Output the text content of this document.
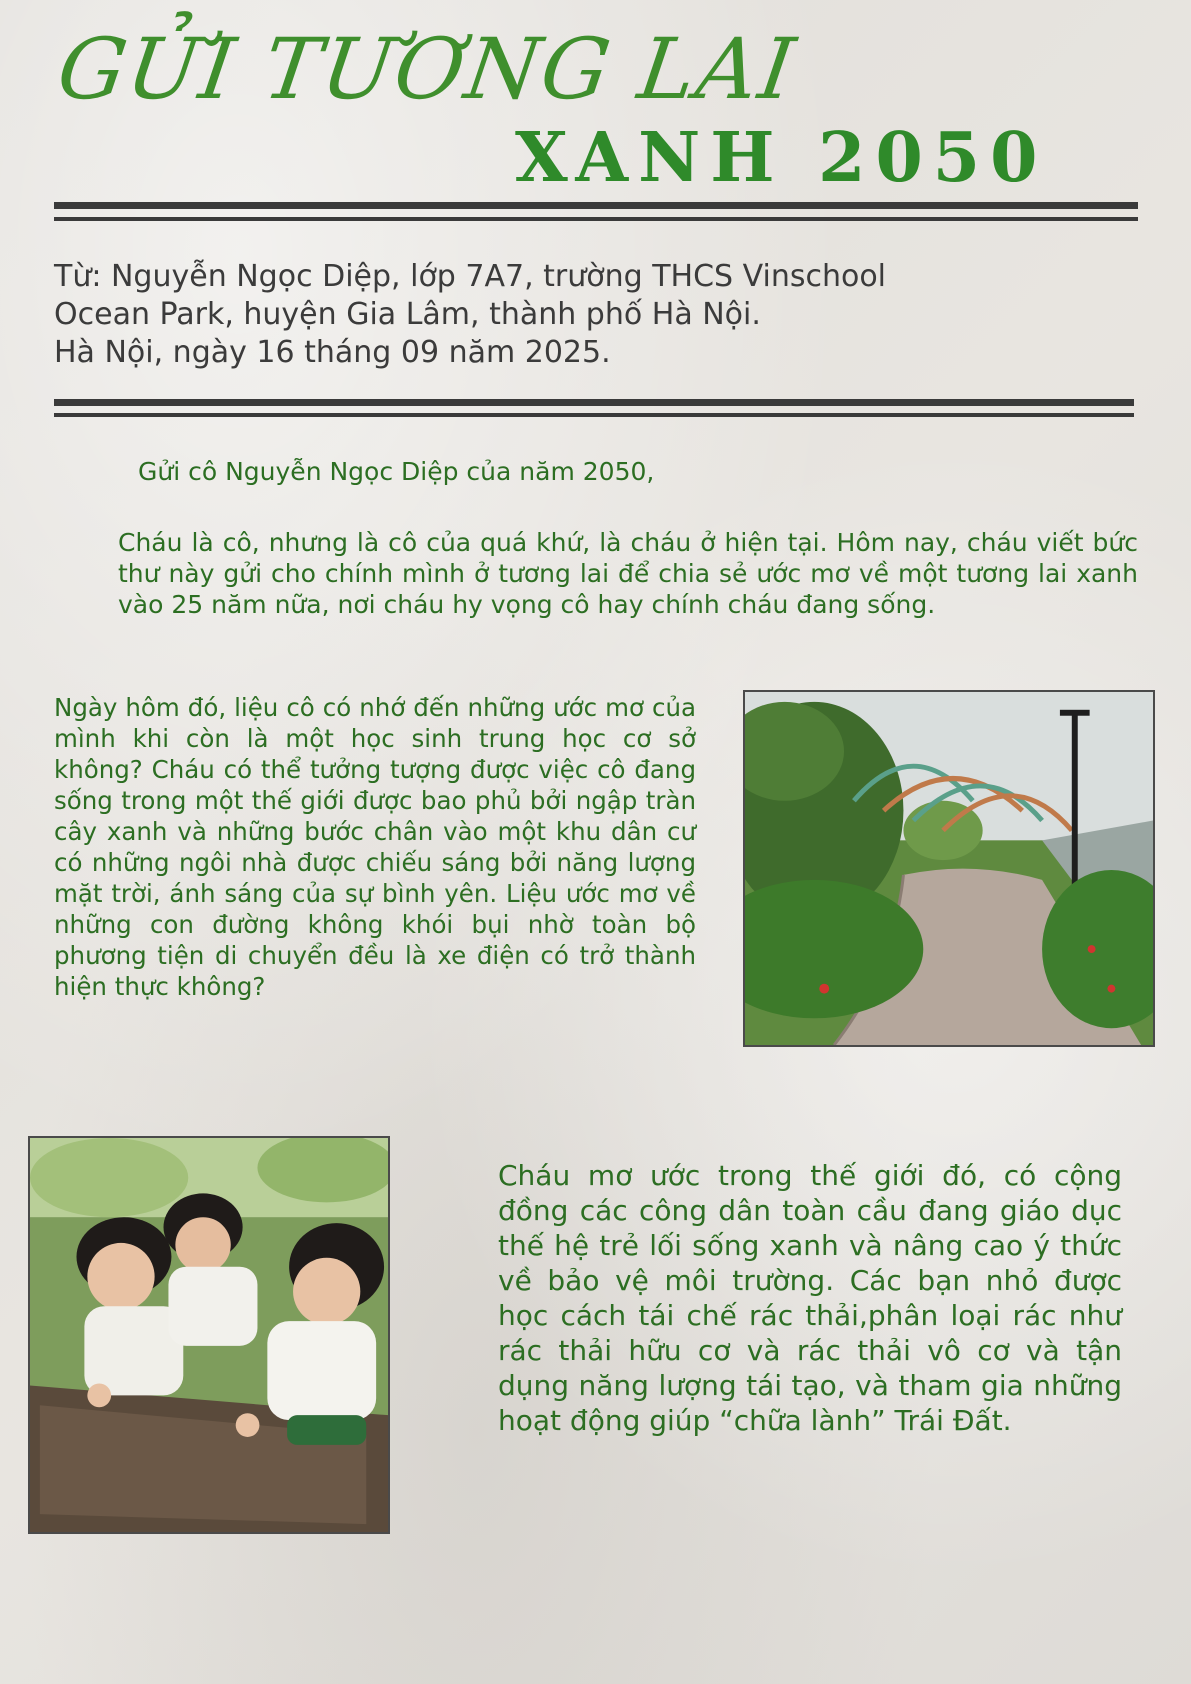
GỬI TƯƠNG LAI
XANH 2050
Từ: Nguyễn Ngọc Diệp, lớp 7A7, trường THCS Vinschool
Ocean Park, huyện Gia Lâm, thành phố Hà Nội.
Hà Nội, ngày 16 tháng 09 năm 2025.
Gửi cô Nguyễn Ngọc Diệp của năm 2050,
Cháu là cô, nhưng là cô của quá khứ, là cháu ở hiện tại. Hôm nay, cháu viết bức thư này gửi cho chính mình ở tương lai để chia sẻ ước mơ về một tương lai xanh vào 25 năm nữa, nơi cháu hy vọng cô hay chính cháu đang sống.
Ngày hôm đó, liệu cô có nhớ đến những ước mơ của mình khi còn là một học sinh trung học cơ sở không? Cháu có thể tưởng tượng được việc cô đang sống trong một thế giới được bao phủ bởi ngập tràn cây xanh và những bước chân vào một khu dân cư có những ngôi nhà được chiếu sáng bởi năng lượng mặt trời, ánh sáng của sự bình yên. Liệu ước mơ về những con đường không khói bụi nhờ toàn bộ phương tiện di chuyển đều là xe điện có trở thành hiện thực không?
Cháu mơ ước trong thế giới đó, có cộng đồng các công dân toàn cầu đang giáo dục thế hệ trẻ lối sống xanh và nâng cao ý thức về bảo vệ môi trường. Các bạn nhỏ được học cách tái chế rác thải,phân loại rác như rác thải hữu cơ và rác thải vô cơ và tận dụng năng lượng tái tạo, và tham gia những hoạt động giúp “chữa lành” Trái Đất.
